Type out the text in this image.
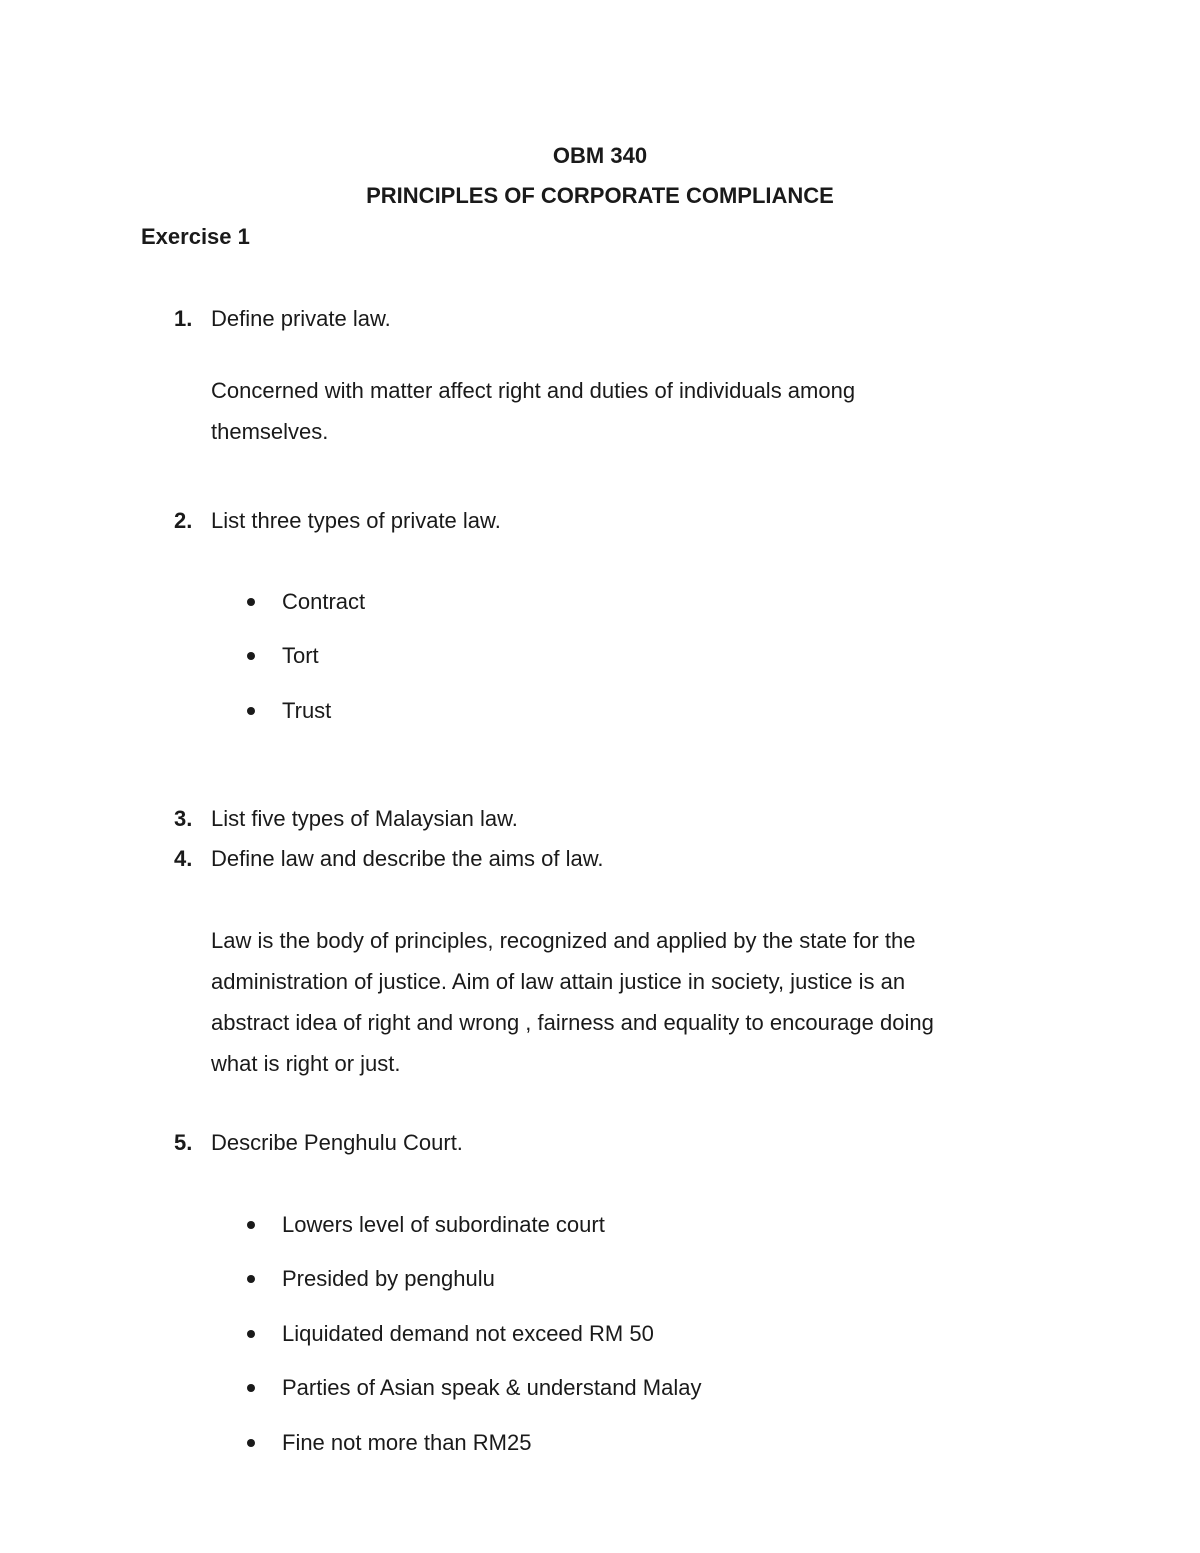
OBM 340
PRINCIPLES OF CORPORATE COMPLIANCE
Exercise 1
1. Define private law.
Concerned with matter affect right and duties of individuals among
themselves.
2. List three types of private law.
Contract
Tort
Trust
3. List five types of Malaysian law.
4. Define law and describe the aims of law.
Law is the body of principles, recognized and applied by the state for the
administration of justice. Aim of law attain justice in society, justice is an
abstract idea of right and wrong , fairness and equality to encourage doing
what is right or just.
5. Describe Penghulu Court.
Lowers level of subordinate court
Presided by penghulu
Liquidated demand not exceed RM 50
Parties of Asian speak & understand Malay
Fine not more than RM25
